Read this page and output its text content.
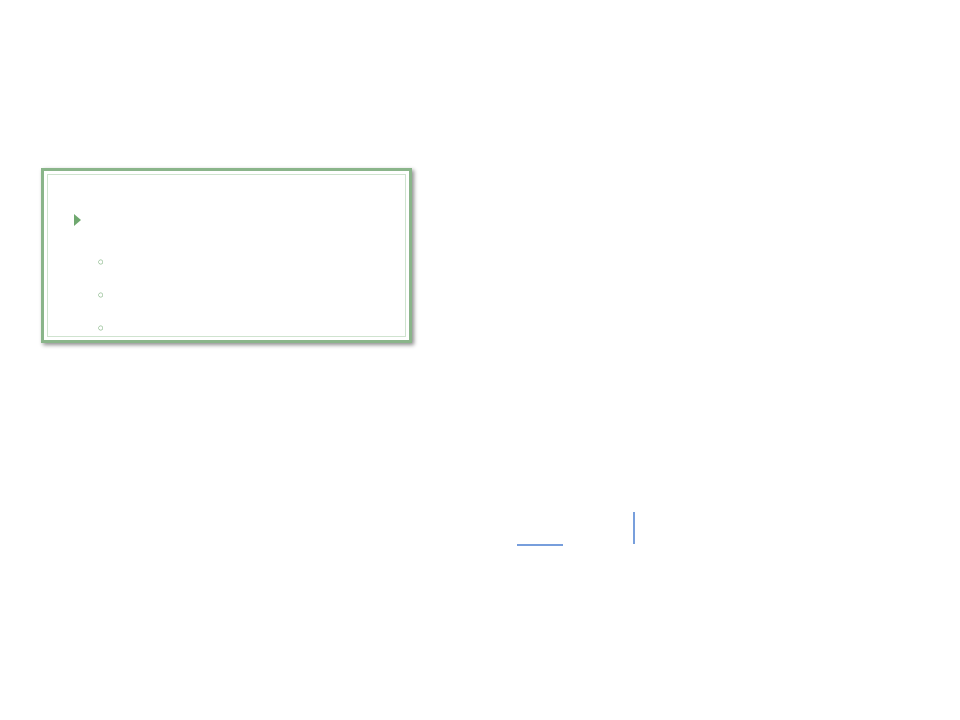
◦
◦
◦
